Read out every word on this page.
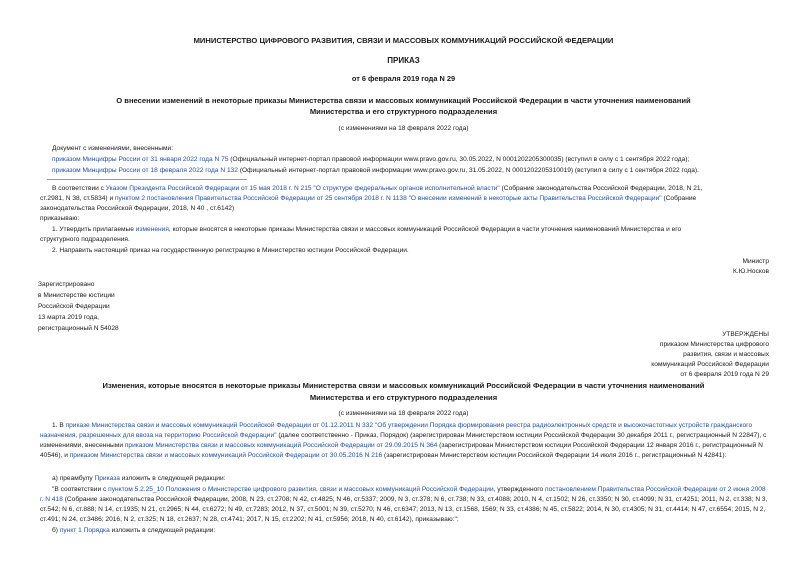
МИНИСТЕРСТВО ЦИФРОВОГО РАЗВИТИЯ, СВЯЗИ И МАССОВЫХ КОММУНИКАЦИЙ РОССИЙСКОЙ ФЕДЕРАЦИИ
ПРИКАЗ
от 6 февраля 2019 года N 29
О внесении изменений в некоторые приказы Министерства связи и массовых коммуникаций Российской Федерации в части уточнения наименований
Министерства и его структурного подразделения
(с изменениями на 18 февраля 2022 года)
Документ с изменениями, внесенными:
приказом Минцифры России от 31 января 2022 года N 75 (Официальный интернет-портал правовой информации www.pravo.gov.ru, 30.05.2022, N 0001202205300035) (вступил в силу с 1 сентября 2022 года);
приказом Минцифры России от 18 февраля 2022 года N 132 (Официальный интернет-портал правовой информации www.pravo.gov.ru, 31.05.2022, N 0001202205310019) (вступил в силу с 1 сентября 2022 года).
В соответствии с Указом Президента Российской Федерации от 15 мая 2018 г. N 215 "О структуре федеральных органов исполнительной власти" (Собрание законодательства Российской Федерации, 2018, N 21,
ст.2981, N 38, ст.5834) и пунктом 2 постановления Правительства Российской Федерации от 25 сентября 2018 г. N 1138 "О внесении изменений в некоторые акты Правительства Российской Федерации" (Собрание
законодательства Российской Федерации, 2018, N 40 , ст.6142)
приказываю:
1. Утвердить прилагаемые изменения, которые вносятся в некоторые приказы Министерства связи и массовых коммуникаций Российской Федерации в части уточнения наименований Министерства и его
структурного подразделения.
2. Направить настоящий приказ на государственную регистрацию в Министерство юстиции Российской Федерации.
Министр
К.Ю.Носков
Зарегистрировано
в Министерстве юстиции
Российской Федерации
13 марта 2019 года,
регистрационный N 54028
УТВЕРЖДЕНЫ
приказом Министерства цифрового
развития, связи и массовых
коммуникаций Российской Федерации
от 6 февраля 2019 года N 29
Изменения, которые вносятся в некоторые приказы Министерства связи и массовых коммуникаций Российской Федерации в части уточнения наименований
Министерства и его структурного подразделения
(с изменениями на 18 февраля 2022 года)
1. В приказе Министерства связи и массовых коммуникаций Российской Федерации от 01.12.2011 N 332 "Об утверждении Порядка формирования реестра радиоэлектронных средств и высокочастотных устройств гражданского назначения, разрешенных для ввоза на территорию Российской Федерации" (далее соответственно - Приказ, Порядок) (зарегистрирован Министерством юстиции Российской Федерации 30 декабря 2011 г., регистрационный N 22847), с изменениями, внесенными приказом Министерства связи и массовых коммуникаций Российской Федерации от 29.09.2015 N 364 (зарегистрирован Министерством юстиции Российской Федерации 12 января 2016 г., регистрационный N 40546), и приказом Министерства связи и массовых коммуникаций Российской Федерации от 30.05.2016 N 216 (зарегистрирован Министерством юстиции Российской Федерации 14 июля 2016 г., регистрационный N 42841):
а) преамбулу Приказа изложить в следующей редакции:
"В соответствии с пунктом 5.2.25_10 Положения о Министерстве цифрового развития, связи и массовых коммуникаций Российской Федерации, утвержденного постановлением Правительства Российской Федерации от 2 июня 2008 г. N 418 (Собрание законодательства Российской Федерации, 2008, N 23, ст.2708; N 42, ст.4825; N 46, ст.5337; 2009, N 3, ст.378; N 6, ст.738; N 33, ст.4088; 2010, N 4, ст.1502; N 26, ст.3350; N 30, ст.4099; N 31, ст.4251; 2011, N 2, ст.338; N 3, ст.542; N 6, ст.888; N 14, ст.1935; N 21, ст.2965; N 44, ст.6272; N 49, ст.7283; 2012, N 37, ст.5001; N 39, ст.5270; N 46, ст.6347; 2013, N 13, ст.1568, 1569; N 33, ст.4386; N 45, ст.5822; 2014, N 30, ст.4305; N 31, ст.4414; N 47, ст.6554; 2015, N 2, ст.491; N 24, ст.3486; 2016, N 2, ст.325; N 18, ст.2637; N 28, ст.4741; 2017, N 15, ст.2202; N 41, ст.5956; 2018, N 40, ст.6142), приказываю:";
б) пункт 1 Порядка изложить в следующей редакции:
